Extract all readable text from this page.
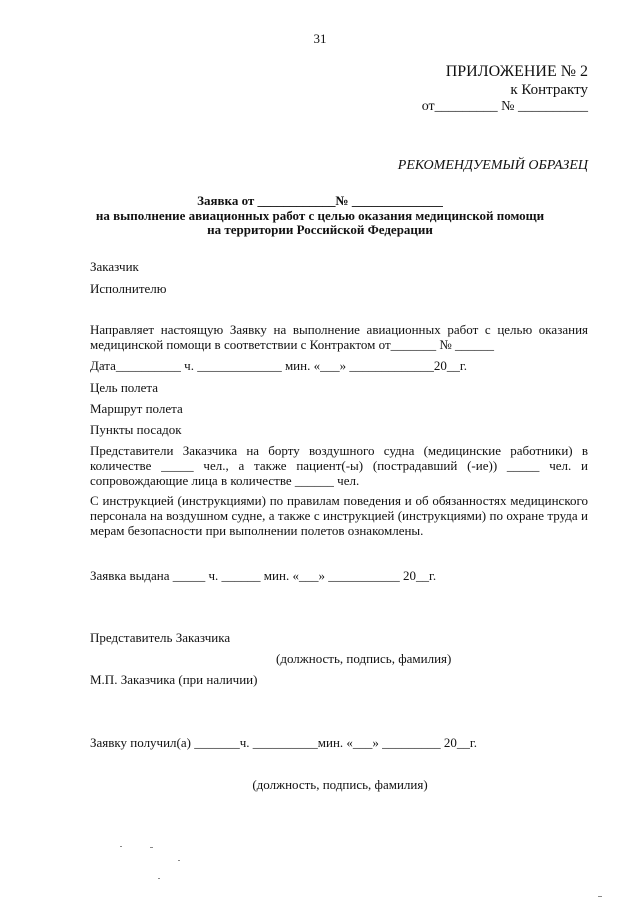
31
ПРИЛОЖЕНИЕ № 2
к Контракту
от_________ № __________
РЕКОМЕНДУЕМЫЙ ОБРАЗЕЦ
Заявка от ____________№ ______________
на выполнение авиационных работ с целью оказания медицинской помощи
на территории Российской Федерации
Заказчик
Исполнителю
Направляет настоящую Заявку на выполнение авиационных работ с целью оказания медицинской помощи в соответствии с Контрактом от_______ № ______
Дата__________ ч. _____________ мин. «___» _____________20__г.
Цель полета
Маршрут полета
Пункты посадок
Представители Заказчика на борту воздушного судна (медицинские работники) в количестве _____ чел., а также пациент(-ы) (пострадавший (-ие)) _____ чел. и сопровождающие лица в количестве ______ чел.
С инструкцией (инструкциями) по правилам поведения и об обязанностях медицинского персонала на воздушном судне, а также с инструкцией (инструкциями) по охране труда и мерам безопасности при выполнении полетов ознакомлены.
Заявка выдана _____ ч. ______ мин. «___» ___________ 20__г.
Представитель Заказчика
(должность, подпись, фамилия)
М.П. Заказчика (при наличии)
Заявку получил(а) _______ч. __________мин. «___» _________ 20__г.
(должность, подпись, фамилия)
